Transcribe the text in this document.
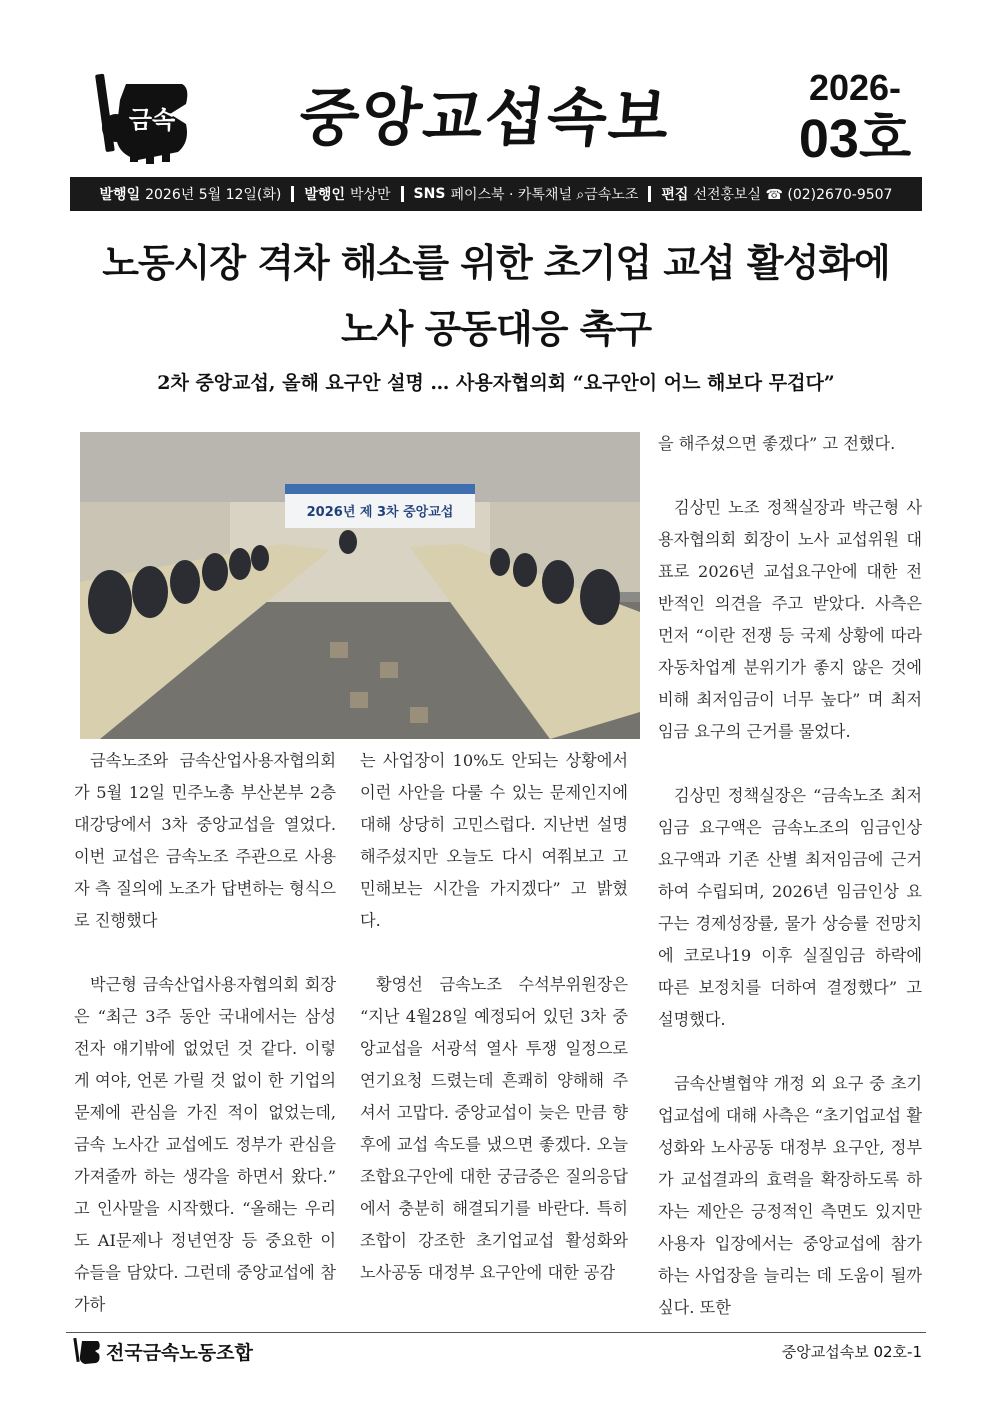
금속 중앙교섭속보	2026-
03호
발행일 2026년 5월 12일(화) 발행인 박상만 SNS 페이스북 · 카톡채널 ⌕금속노조 편집 선전홍보실 ☎ (02)2670-9507
노동시장 격차 해소를 위한 초기업 교섭 활성화에
노사 공동대응 촉구
2차 중앙교섭, 올해 요구안 설명 … 사용자협의회 “요구안이 어느 해보다 무겁다”
2026년 제 3차 중앙교섭

금속노조와 금속산업사용자협의회가 5월 12일 민주노총 부산본부 2층 대강당에서 3차 중앙교섭을 열었다. 이번 교섭은 금속노조 주관으로 사용자 측 질의에 노조가 답변하는 형식으로 진행했다

박근형 금속산업사용자협의회 회장은 “최근 3주 동안 국내에서는 삼성전자 얘기밖에 없었던 것 같다. 이렇게 여야, 언론 가릴 것 없이 한 기업의 문제에 관심을 가진 적이 없었는데, 금속 노사간 교섭에도 정부가 관심을 가져줄까 하는 생각을 하면서 왔다.” 고 인사말을 시작했다. “올해는 우리도 AI문제나 정년연장 등 중요한 이슈들을 담았다. 그런데 중앙교섭에 참가하

는 사업장이 10%도 안되는 상황에서 이런 사안을 다룰 수 있는 문제인지에 대해 상당히 고민스럽다. 지난번 설명해주셨지만 오늘도 다시 여쭤보고 고민해보는 시간을 가지겠다” 고 밝혔다.

황영선 금속노조 수석부위원장은 “지난 4월28일 예정되어 있던 3차 중앙교섭을 서광석 열사 투쟁 일정으로 연기요청 드렸는데 흔쾌히 양해해 주셔서 고맙다. 중앙교섭이 늦은 만큼 향후에 교섭 속도를 냈으면 좋겠다. 오늘 조합요구안에 대한 궁금증은 질의응답에서 충분히 해결되기를 바란다. 특히 조합이 강조한 초기업교섭 활성화와 노사공동 대정부 요구안에 대한 공감

을 해주셨으면 좋겠다” 고 전했다.

김상민 노조 정책실장과 박근형 사용자협의회 회장이 노사 교섭위원 대표로 2026년 교섭요구안에 대한 전반적인 의견을 주고 받았다. 사측은 먼저 “이란 전쟁 등 국제 상황에 따라 자동차업계 분위기가 좋지 않은 것에 비해 최저임금이 너무 높다” 며 최저임금 요구의 근거를 물었다.

김상민 정책실장은 “금속노조 최저임금 요구액은 금속노조의 임금인상 요구액과 기존 산별 최저임금에 근거하여 수립되며, 2026년 임금인상 요구는 경제성장률, 물가 상승률 전망치에 코로나19 이후 실질임금 하락에 따른 보정치를 더하여 결정했다” 고 설명했다.

금속산별협약 개정 외 요구 중 초기업교섭에 대해 사측은 “초기업교섭 활성화와 노사공동 대정부 요구안, 정부가 교섭결과의 효력을 확장하도록 하자는 제안은 긍정적인 측면도 있지만 사용자 입장에서는 중앙교섭에 참가하는 사업장을 늘리는 데 도움이 될까 싶다. 또한

전국금속노동조합	중앙교섭속보 02호-1
